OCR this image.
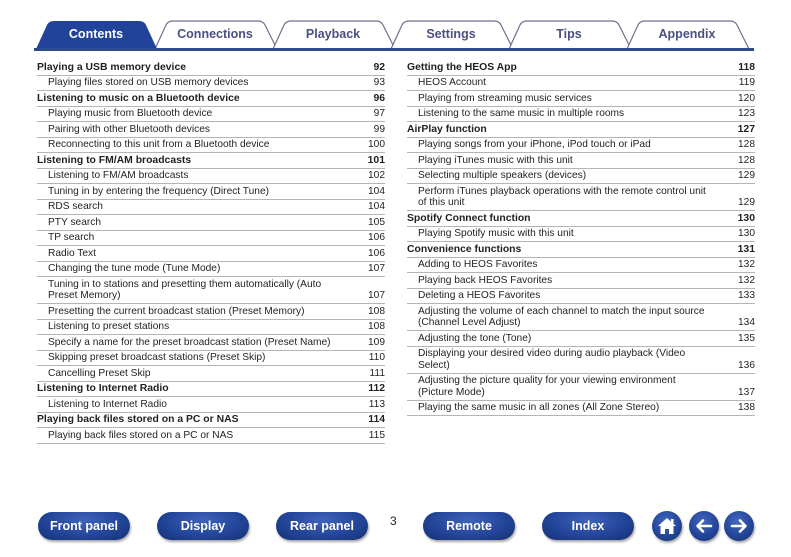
Contents	Connections	Playback	Settings	Tips	Appendix
Playing a USB memory device	92
Playing files stored on USB memory devices	93
Listening to music on a Bluetooth device	96
Playing music from Bluetooth device	97
Pairing with other Bluetooth devices	99
Reconnecting to this unit from a Bluetooth device	100
Listening to FM/AM broadcasts	101
Listening to FM/AM broadcasts	102
Tuning in by entering the frequency (Direct Tune)	104
RDS search	104
PTY search	105
TP search	106
Radio Text	106
Changing the tune mode (Tune Mode)	107
Tuning in to stations and presetting them automatically (Auto Preset Memory)	107
Presetting the current broadcast station (Preset Memory)	108
Listening to preset stations	108
Specify a name for the preset broadcast station (Preset Name)	109
Skipping preset broadcast stations (Preset Skip)	110
Cancelling Preset Skip	111
Listening to Internet Radio	112
Listening to Internet Radio	113
Playing back files stored on a PC or NAS	114
Playing back files stored on a PC or NAS	115
Getting the HEOS App	118
HEOS Account	119
Playing from streaming music services	120
Listening to the same music in multiple rooms	123
AirPlay function	127
Playing songs from your iPhone, iPod touch or iPad	128
Playing iTunes music with this unit	128
Selecting multiple speakers (devices)	129
Perform iTunes playback operations with the remote control unit of this unit	129
Spotify Connect function	130
Playing Spotify music with this unit	130
Convenience functions	131
Adding to HEOS Favorites	132
Playing back HEOS Favorites	132
Deleting a HEOS Favorites	133
Adjusting the volume of each channel to match the input source (Channel Level Adjust)	134
Adjusting the tone (Tone)	135
Displaying your desired video during audio playback (Video Select)	136
Adjusting the picture quality for your viewing environment (Picture Mode)	137
Playing the same music in all zones (All Zone Stereo)	138
Front panel	Display	Rear panel	3	Remote	Index
